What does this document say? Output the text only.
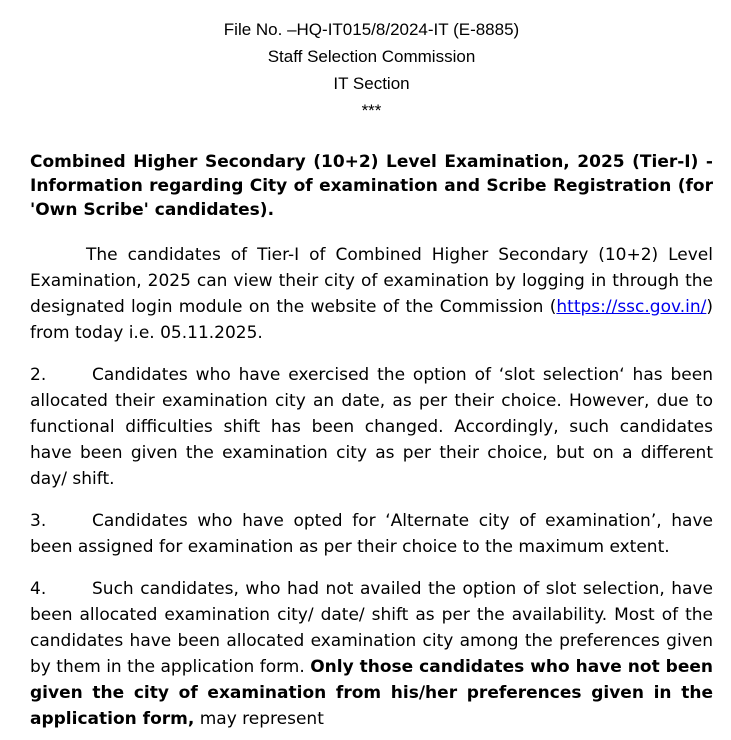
File No. –HQ-IT015/8/2024-IT (E-8885)
Staff Selection Commission
IT Section
***

Combined Higher Secondary (10+2) Level Examination, 2025 (Tier-I) - Information regarding City of examination and Scribe Registration (for 'Own Scribe' candidates).

The candidates of Tier-I of Combined Higher Secondary (10+2) Level Examination, 2025 can view their city of examination by logging in through the designated login module on the website of the Commission (https://ssc.gov.in/) from today i.e. 05.11.2025.

2.	Candidates who have exercised the option of ‘slot selection‘ has been allocated their examination city an date, as per their choice. However, due to functional difficulties shift has been changed. Accordingly, such candidates have been given the examination city as per their choice, but on a different day/ shift.

3.	Candidates who have opted for ‘Alternate city of examination’, have been assigned for examination as per their choice to the maximum extent.

4.	Such candidates, who had not availed the option of slot selection, have been allocated examination city/ date/ shift as per the availability. Most of the candidates have been allocated examination city among the preferences given by them in the application form. Only those candidates who have not been given the city of examination from his/her preferences given in the application form, may represent
